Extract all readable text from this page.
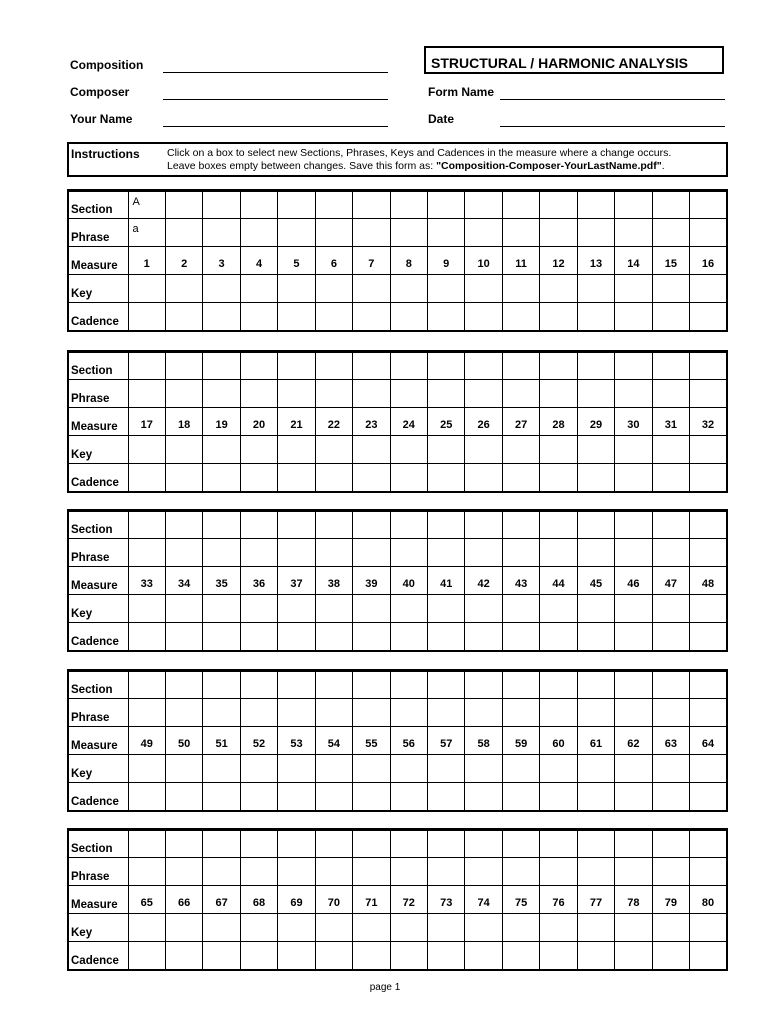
Composition
Composer
Your Name
STRUCTURAL / HARMONIC ANALYSIS
Form Name
Date
Instructions	Click on a box to select new Sections, Phrases, Keys and Cadences in the measure where a change occurs.
Leave boxes empty between changes. Save this form as: "Composition-Composer-YourLastName.pdf".
Section	A															
Phrase	a															
Measure	1	2	3	4	5	6	7	8	9	10	11	12	13	14	15	16
Key																
Cadence																
Section																
Phrase																
Measure	17	18	19	20	21	22	23	24	25	26	27	28	29	30	31	32
Key																
Cadence																
Section																
Phrase																
Measure	33	34	35	36	37	38	39	40	41	42	43	44	45	46	47	48
Key																
Cadence																
Section																
Phrase																
Measure	49	50	51	52	53	54	55	56	57	58	59	60	61	62	63	64
Key																
Cadence																
Section																
Phrase																
Measure	65	66	67	68	69	70	71	72	73	74	75	76	77	78	79	80
Key																
Cadence																
page 1
